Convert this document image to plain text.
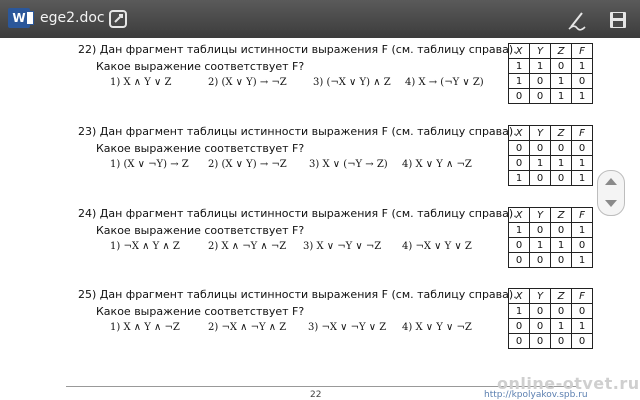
W	ege2.doc
22) Дан фрагмент таблицы истинности выражения F (см. таблицу справа).
Какое выражение соответствует F?
1) X ∧ Y ∨ Z	2) (X ∨ Y) → ¬Z	3) (¬X ∨ Y) ∧ Z 4) X → (¬Y ∨ Z)
X	Y	Z	F
1	1	0	1
1	0	1	0
0	0	1	1
23) Дан фрагмент таблицы истинности выражения F (см. таблицу справа).
Какое выражение соответствует F?
1) (X ∨ ¬Y) → Z 2) (X ∨ Y) → ¬Z 3) X ∨ (¬Y → Z) 4) X ∨ Y ∧ ¬Z
X	Y	Z	F
0	0	0	0
0	1	1	1
1	0	0	1
24) Дан фрагмент таблицы истинности выражения F (см. таблицу справа).
Какое выражение соответствует F?
1) ¬X ∧ Y ∧ Z	2) X ∧ ¬Y ∧ ¬Z 3) X ∨ ¬Y ∨ ¬Z 4) ¬X ∨ Y ∨ Z
X	Y	Z	F
1	0	0	1
0	1	1	0
0	0	0	1
25) Дан фрагмент таблицы истинности выражения F (см. таблицу справа).
Какое выражение соответствует F?
1) X ∧ Y ∧ ¬Z	2) ¬X ∧ ¬Y ∧ Z 3) ¬X ∨ ¬Y ∨ Z 4) X ∨ Y ∨ ¬Z
X	Y	Z	F
1	0	0	0
0	0	1	1
0	0	0	0
22	http://kpolyakov.spb.ru
online-otvet.ru
